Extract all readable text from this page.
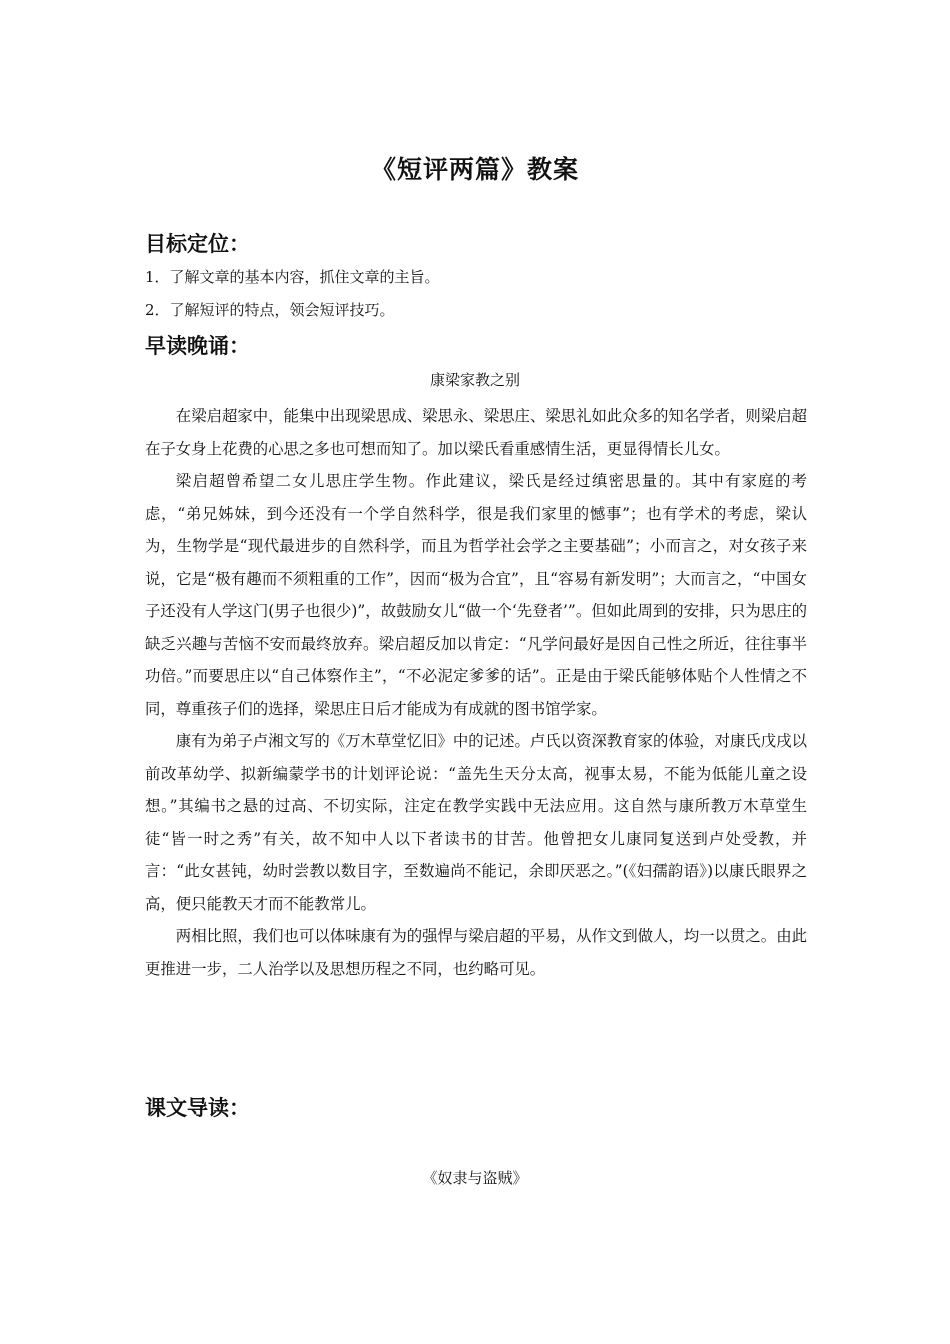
《短评两篇》教案
目标定位：
1．了解文章的基本内容，抓住文章的主旨。
2．了解短评的特点，领会短评技巧。
早读晚诵：
康梁家教之别

在梁启超家中，能集中出现梁思成、梁思永、梁思庄、梁思礼如此众多的知名学者，则梁启超在子女身上花费的心思之多也可想而知了。加以梁氏看重感情生活，更显得情长儿女。

梁启超曾希望二女儿思庄学生物。作此建议，梁氏是经过缜密思量的。其中有家庭的考虑，“弟兄姊妹，到今还没有一个学自然科学，很是我们家里的憾事”；也有学术的考虑，梁认为，生物学是“现代最进步的自然科学，而且为哲学社会学之主要基础”；小而言之，对女孩子来说，它是“极有趣而不须粗重的工作”，因而“极为合宜”，且“容易有新发明”；大而言之，“中国女子还没有人学这门(男子也很少)”，故鼓励女儿“做一个‘先登者’”。但如此周到的安排，只为思庄的缺乏兴趣与苦恼不安而最终放弃。梁启超反加以肯定：“凡学问最好是因自己性之所近，往往事半功倍。”而要思庄以“自己体察作主”，“不必泥定爹爹的话”。正是由于梁氏能够体贴个人性情之不同，尊重孩子们的选择，梁思庄日后才能成为有成就的图书馆学家。

康有为弟子卢湘文写的《万木草堂忆旧》中的记述。卢氏以资深教育家的体验，对康氏戊戌以前改革幼学、拟新编蒙学书的计划评论说：“盖先生天分太高，视事太易，不能为低能儿童之设想。”其编书之悬的过高、不切实际，注定在教学实践中无法应用。这自然与康所教万木草堂生徒“皆一时之秀”有关，故不知中人以下者读书的甘苦。他曾把女儿康同复送到卢处受教，并言：“此女甚钝，幼时尝教以数目字，至数遍尚不能记，余即厌恶之。”(《妇孺韵语》)以康氏眼界之高，便只能教天才而不能教常儿。

两相比照，我们也可以体味康有为的强悍与梁启超的平易，从作文到做人，均一以贯之。由此更推进一步，二人治学以及思想历程之不同，也约略可见。

课文导读：
《奴隶与盗贼》
